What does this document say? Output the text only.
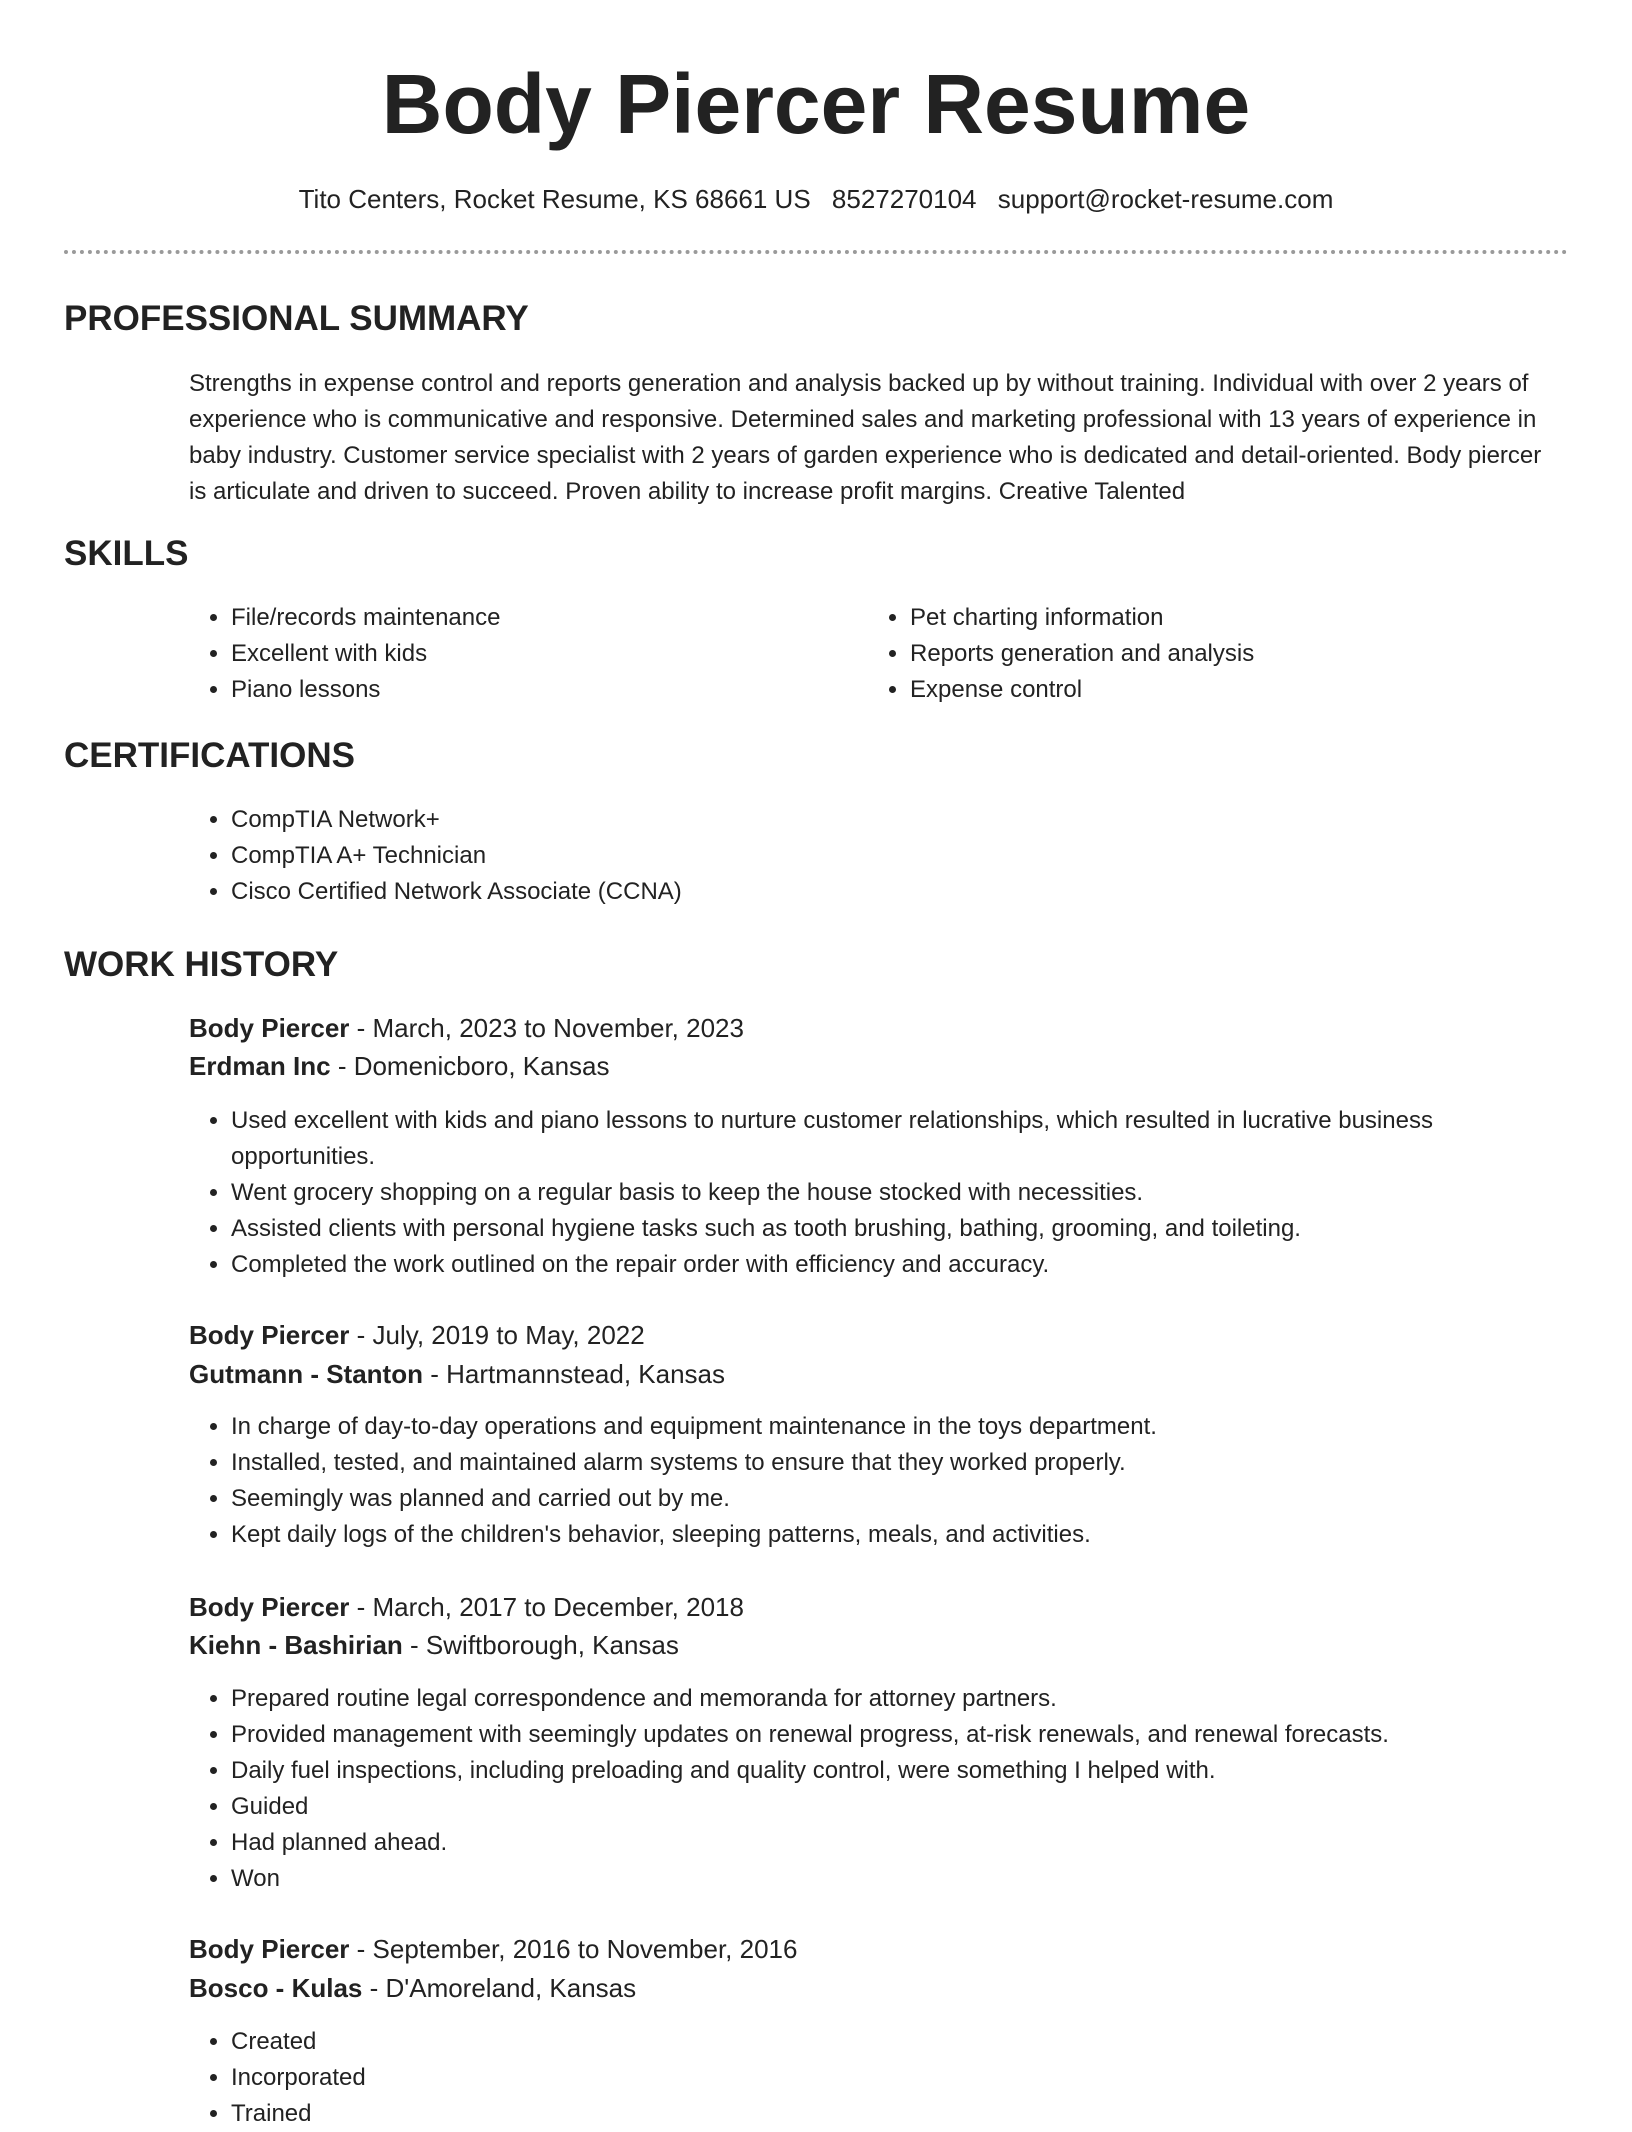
Body Piercer Resume
Tito Centers, Rocket Resume, KS 68661 US 8527270104 support@rocket-resume.com
PROFESSIONAL SUMMARY

Strengths in expense control and reports generation and analysis backed up by without training. Individual with over 2 years of experience who is communicative and responsive. Determined sales and marketing professional with 13 years of experience in baby industry. Customer service specialist with 2 years of garden experience who is dedicated and detail-oriented. Body piercer is articulate and driven to succeed. Proven ability to increase profit margins. Creative Talented

SKILLS
• File/records maintenance
• Excellent with kids
• Piano lessons
• Pet charting information
• Reports generation and analysis
• Expense control
CERTIFICATIONS
• CompTIA Network+
• CompTIA A+ Technician
• Cisco Certified Network Associate (CCNA)
WORK HISTORY
Body Piercer - March, 2023 to November, 2023
Erdman Inc - Domenicboro, Kansas
• Used excellent with kids and piano lessons to nurture customer relationships, which resulted in lucrative business opportunities.
• Went grocery shopping on a regular basis to keep the house stocked with necessities.
• Assisted clients with personal hygiene tasks such as tooth brushing, bathing, grooming, and toileting.
• Completed the work outlined on the repair order with efficiency and accuracy.
Body Piercer - July, 2019 to May, 2022
Gutmann - Stanton - Hartmannstead, Kansas
• In charge of day-to-day operations and equipment maintenance in the toys department.
• Installed, tested, and maintained alarm systems to ensure that they worked properly.
• Seemingly was planned and carried out by me.
• Kept daily logs of the children's behavior, sleeping patterns, meals, and activities.
Body Piercer - March, 2017 to December, 2018
Kiehn - Bashirian - Swiftborough, Kansas
• Prepared routine legal correspondence and memoranda for attorney partners.
• Provided management with seemingly updates on renewal progress, at-risk renewals, and renewal forecasts.
• Daily fuel inspections, including preloading and quality control, were something I helped with.
• Guided
• Had planned ahead.
• Won
Body Piercer - September, 2016 to November, 2016
Bosco - Kulas - D'Amoreland, Kansas
• Created
• Incorporated
• Trained
